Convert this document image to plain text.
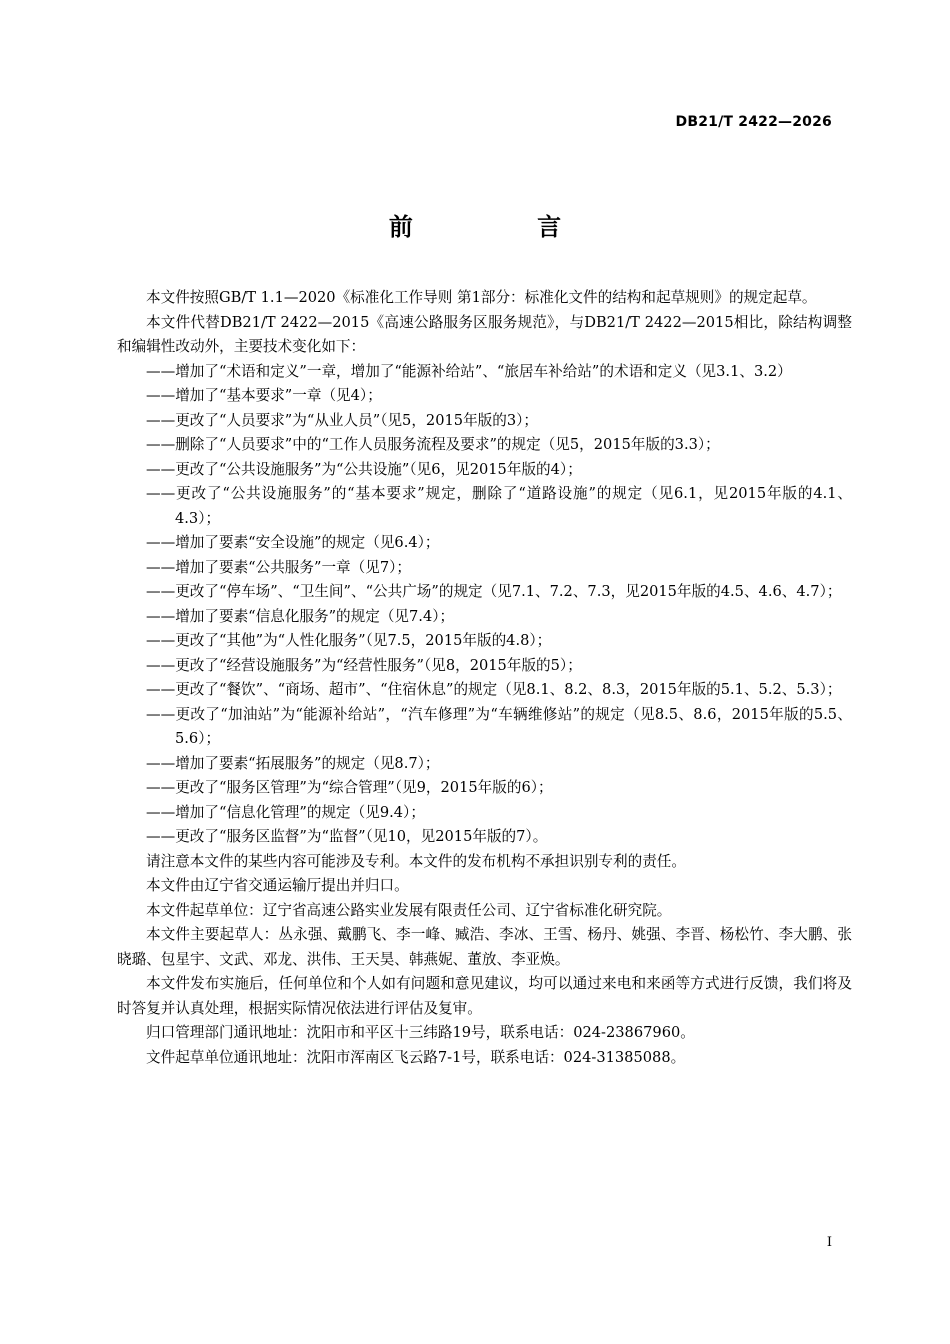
DB21/T 2422—2026
前 言

本文件按照GB/T 1.1—2020《标准化工作导则 第1部分：标准化文件的结构和起草规则》的规定起草。

本文件代替DB21/T 2422—2015《高速公路服务区服务规范》，与DB21/T 2422—2015相比，除结构调整和编辑性改动外，主要技术变化如下：

——增加了“术语和定义”一章，增加了“能源补给站”、“旅居车补给站”的术语和定义（见3.1、3.2）

——增加了“基本要求”一章（见4）；

——更改了“人员要求”为“从业人员”（见5，2015年版的3）；

——删除了“人员要求”中的“工作人员服务流程及要求”的规定（见5，2015年版的3.3）；

——更改了“公共设施服务”为“公共设施”（见6，见2015年版的4）；

——更改了“公共设施服务”的“基本要求”规定，删除了“道路设施”的规定（见6.1，见2015年版的4.1、4.3）；

——增加了要素“安全设施”的规定（见6.4）；

——增加了要素“公共服务”一章（见7）；

——更改了“停车场”、“卫生间”、“公共广场”的规定（见7.1、7.2、7.3，见2015年版的4.5、4.6、4.7）；

——增加了要素“信息化服务”的规定（见7.4）；

——更改了“其他”为“人性化服务”（见7.5，2015年版的4.8）；

——更改了“经营设施服务”为“经营性服务”（见8，2015年版的5）；

——更改了“餐饮”、“商场、超市”、“住宿休息”的规定（见8.1、8.2、8.3，2015年版的5.1、5.2、5.3）；

——更改了“加油站”为“能源补给站”，“汽车修理”为“车辆维修站”的规定（见8.5、8.6，2015年版的5.5、5.6）；

——增加了要素“拓展服务”的规定（见8.7）；

——更改了“服务区管理”为“综合管理”（见9，2015年版的6）；

——增加了“信息化管理”的规定（见9.4）；

——更改了“服务区监督”为“监督”（见10，见2015年版的7）。

请注意本文件的某些内容可能涉及专利。本文件的发布机构不承担识别专利的责任。

本文件由辽宁省交通运输厅提出并归口。

本文件起草单位：辽宁省高速公路实业发展有限责任公司、辽宁省标准化研究院。

本文件主要起草人：丛永强、戴鹏飞、李一峰、臧浩、李冰、王雪、杨丹、姚强、李晋、杨松竹、李大鹏、张晓璐、包星宇、文武、邓龙、洪伟、王天昊、韩燕妮、董放、李亚焕。

本文件发布实施后，任何单位和个人如有问题和意见建议，均可以通过来电和来函等方式进行反馈，我们将及时答复并认真处理，根据实际情况依法进行评估及复审。

归口管理部门通讯地址：沈阳市和平区十三纬路19号，联系电话：024-23867960。

文件起草单位通讯地址：沈阳市浑南区飞云路7-1号，联系电话：024-31385088。

I
